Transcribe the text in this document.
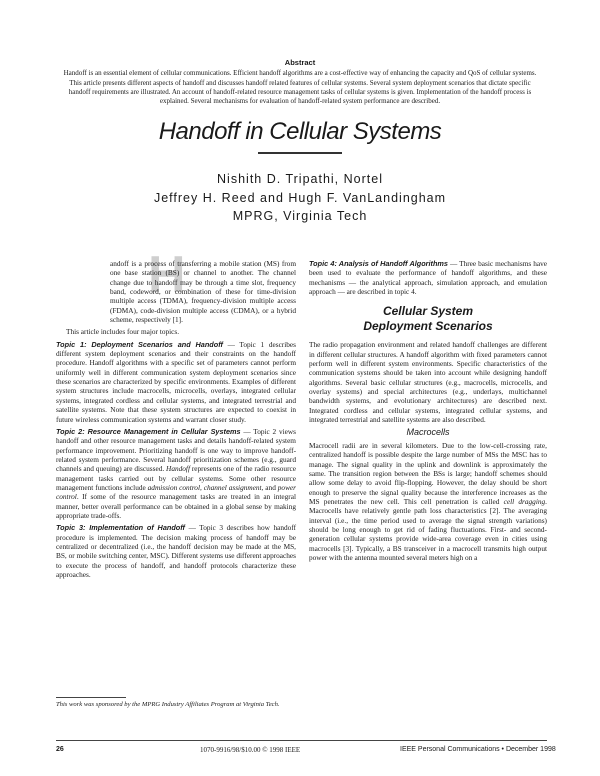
Abstract
Handoff is an essential element of cellular communications. Efficient handoff algorithms are a cost-effective way of enhancing the capacity and QoS of cellular systems. This article presents different aspects of handoff and discusses handoff related features of cellular systems. Several system deployment scenarios that dictate specific handoff requirements are illustrated. An account of handoff-related resource management tasks of cellular systems is given. Implementation of the handoff process is explained. Several mechanisms for evaluation of handoff-related system performance are described.
Handoff in Cellular Systems
Nishith D. Tripathi, Nortel
Jeffrey H. Reed and Hugh F. VanLandingham
MPRG, Virginia Tech
H

andoff is a process of transferring a mobile station (MS) from one base station (BS) or channel to another. The channel change due to handoff may be through a time slot, frequency band, codeword, or combination of these for time-division multiple access (TDMA), frequency-division multiple access (FDMA), code-division multiple access (CDMA), or a hybrid scheme, respectively [1].

This article includes four major topics.

Topic 1: Deployment Scenarios and Handoff — Topic 1 describes different system deployment scenarios and their constraints on the handoff procedure. Handoff algorithms with a specific set of parameters cannot perform uniformly well in different communication system deployment scenarios since these scenarios are characterized by specific environments. Examples of different system structures include macrocells, microcells, overlays, integrated cellular systems, integrated cordless and cellular systems, and integrated terrestrial and satellite systems. Note that these system structures are expected to coexist in future wireless communication systems and warrant closer study.

Topic 2: Resource Management in Cellular Systems — Topic 2 views handoff and other resource management tasks and details handoff-related system performance improvement. Prioritizing handoff is one way to improve handoff-related system performance. Several handoff prioritization schemes (e.g., guard channels and queuing) are discussed. Handoff represents one of the radio resource management tasks carried out by cellular systems. Some other resource management functions include admission control, channel assignment, and power control. If some of the resource management tasks are treated in an integral manner, better overall performance can be obtained in a global sense by making appropriate trade-offs.

Topic 3: Implementation of Handoff — Topic 3 describes how handoff procedure is implemented. The decision making process of handoff may be centralized or decentralized (i.e., the handoff decision may be made at the MS, BS, or mobile switching center, MSC). Different systems use different approaches to execute the process of handoff, and handoff protocols characterize these approaches.

Topic 4: Analysis of Handoff Algorithms — Three basic mechanisms have been used to evaluate the performance of handoff algorithms, and these mechanisms — the analytical approach, simulation approach, and emulation approach — are described in topic 4.

Cellular System
Deployment Scenarios

The radio propagation environment and related handoff challenges are different in different cellular structures. A handoff algorithm with fixed parameters cannot perform well in different system environments. Specific characteristics of the communication systems should be taken into account while designing handoff algorithms. Several basic cellular structures (e.g., macrocells, microcells, and overlay systems) and special architectures (e.g., underlays, multichannel bandwidth systems, and evolutionary architectures) are described next. Integrated cordless and cellular systems, integrated cellular systems, and integrated terrestrial and satellite systems are also described.

Macrocells

Macrocell radii are in several kilometers. Due to the low-cell-crossing rate, centralized handoff is possible despite the large number of MSs the MSC has to manage. The signal quality in the uplink and downlink is approximately the same. The transition region between the BSs is large; handoff schemes should allow some delay to avoid flip-flopping. However, the delay should be short enough to preserve the signal quality because the interference increases as the MS penetrates the new cell. This cell penetration is called cell dragging. Macrocells have relatively gentle path loss characteristics [2]. The averaging interval (i.e., the time period used to average the signal strength variations) should be long enough to get rid of fading fluctuations. First- and second-generation cellular systems provide wide-area coverage even in cities using macrocells [3]. Typically, a BS transceiver in a macrocell transmits high output power with the antenna mounted several meters high on a

This work was sponsored by the MPRG Industry Affiliates Program at Virginia Tech.
26	1070-9916/98/$10.00 © 1998 IEEE	IEEE Personal Communications • December 1998
